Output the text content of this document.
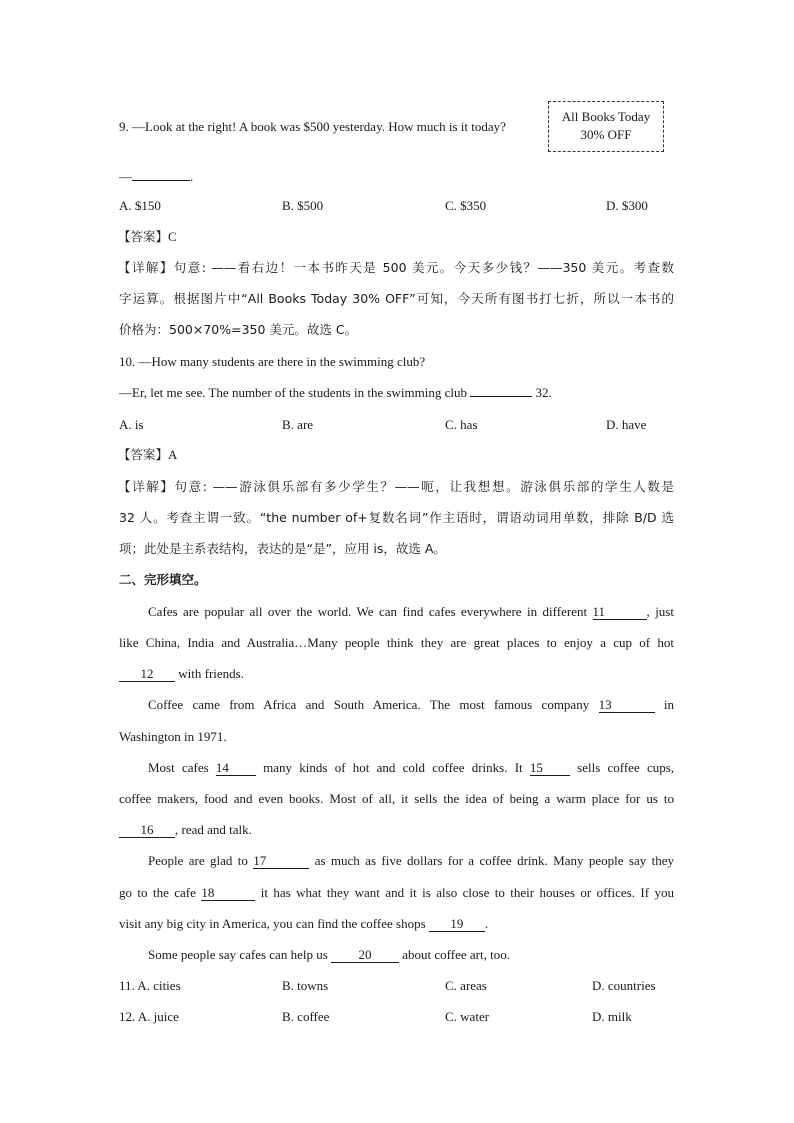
9. —Look at the right! A book was $500 yesterday. How much is it today?
All Books Today
30% OFF
—	.
A. $150	B. $500	C. $350	D. $300
【答案】C
【详解】句意: ——看右边！一本书昨天是 500 美元。今天多少钱？——350 美元。考查数
字运算。根据图片中“All Books Today 30% OFF”可知，今天所有图书打七折，所以一本书的
价格为：500×70%=350 美元。故选 C。
10. —How many students are there in the swimming club?
—Er, let me see. The number of the students in the swimming club	32.
A. is	B. are	C. has	D. have
【答案】A
【详解】句意: ——游泳俱乐部有多少学生？——呃，让我想想。游泳俱乐部的学生人数是
32 人。考查主谓一致。“the number of+复数名词”作主语时，谓语动词用单数，排除 B/D 选
项；此处是主系表结构，表达的是“是”，应用 is，故选 A。
二、完形填空。
Cafes are popular all over the world. We can find cafes everywhere in different 11	, just
like China, India and Australia…Many people think they are great places to enjoy a cup of hot
12 with friends.
Coffee came from Africa and South America. The most famous company 13	in
Washington in 1971.
Most cafes 14	many kinds of hot and cold coffee drinks. It 15	sells coffee cups,
coffee makers, food and even books. Most of all, it sells the idea of being a warm place for us to
16 , read and talk.
People are glad to 17	as much as five dollars for a coffee drink. Many people say they
go to the cafe 18	it has what they want and it is also close to their houses or offices. If you
visit any big city in America, you can find the coffee shops 19 .
Some people say cafes can help us 20 about coffee art, too.
11. A. cities	B. towns	C. areas	D. countries
12. A. juice	B. coffee	C. water	D. milk
